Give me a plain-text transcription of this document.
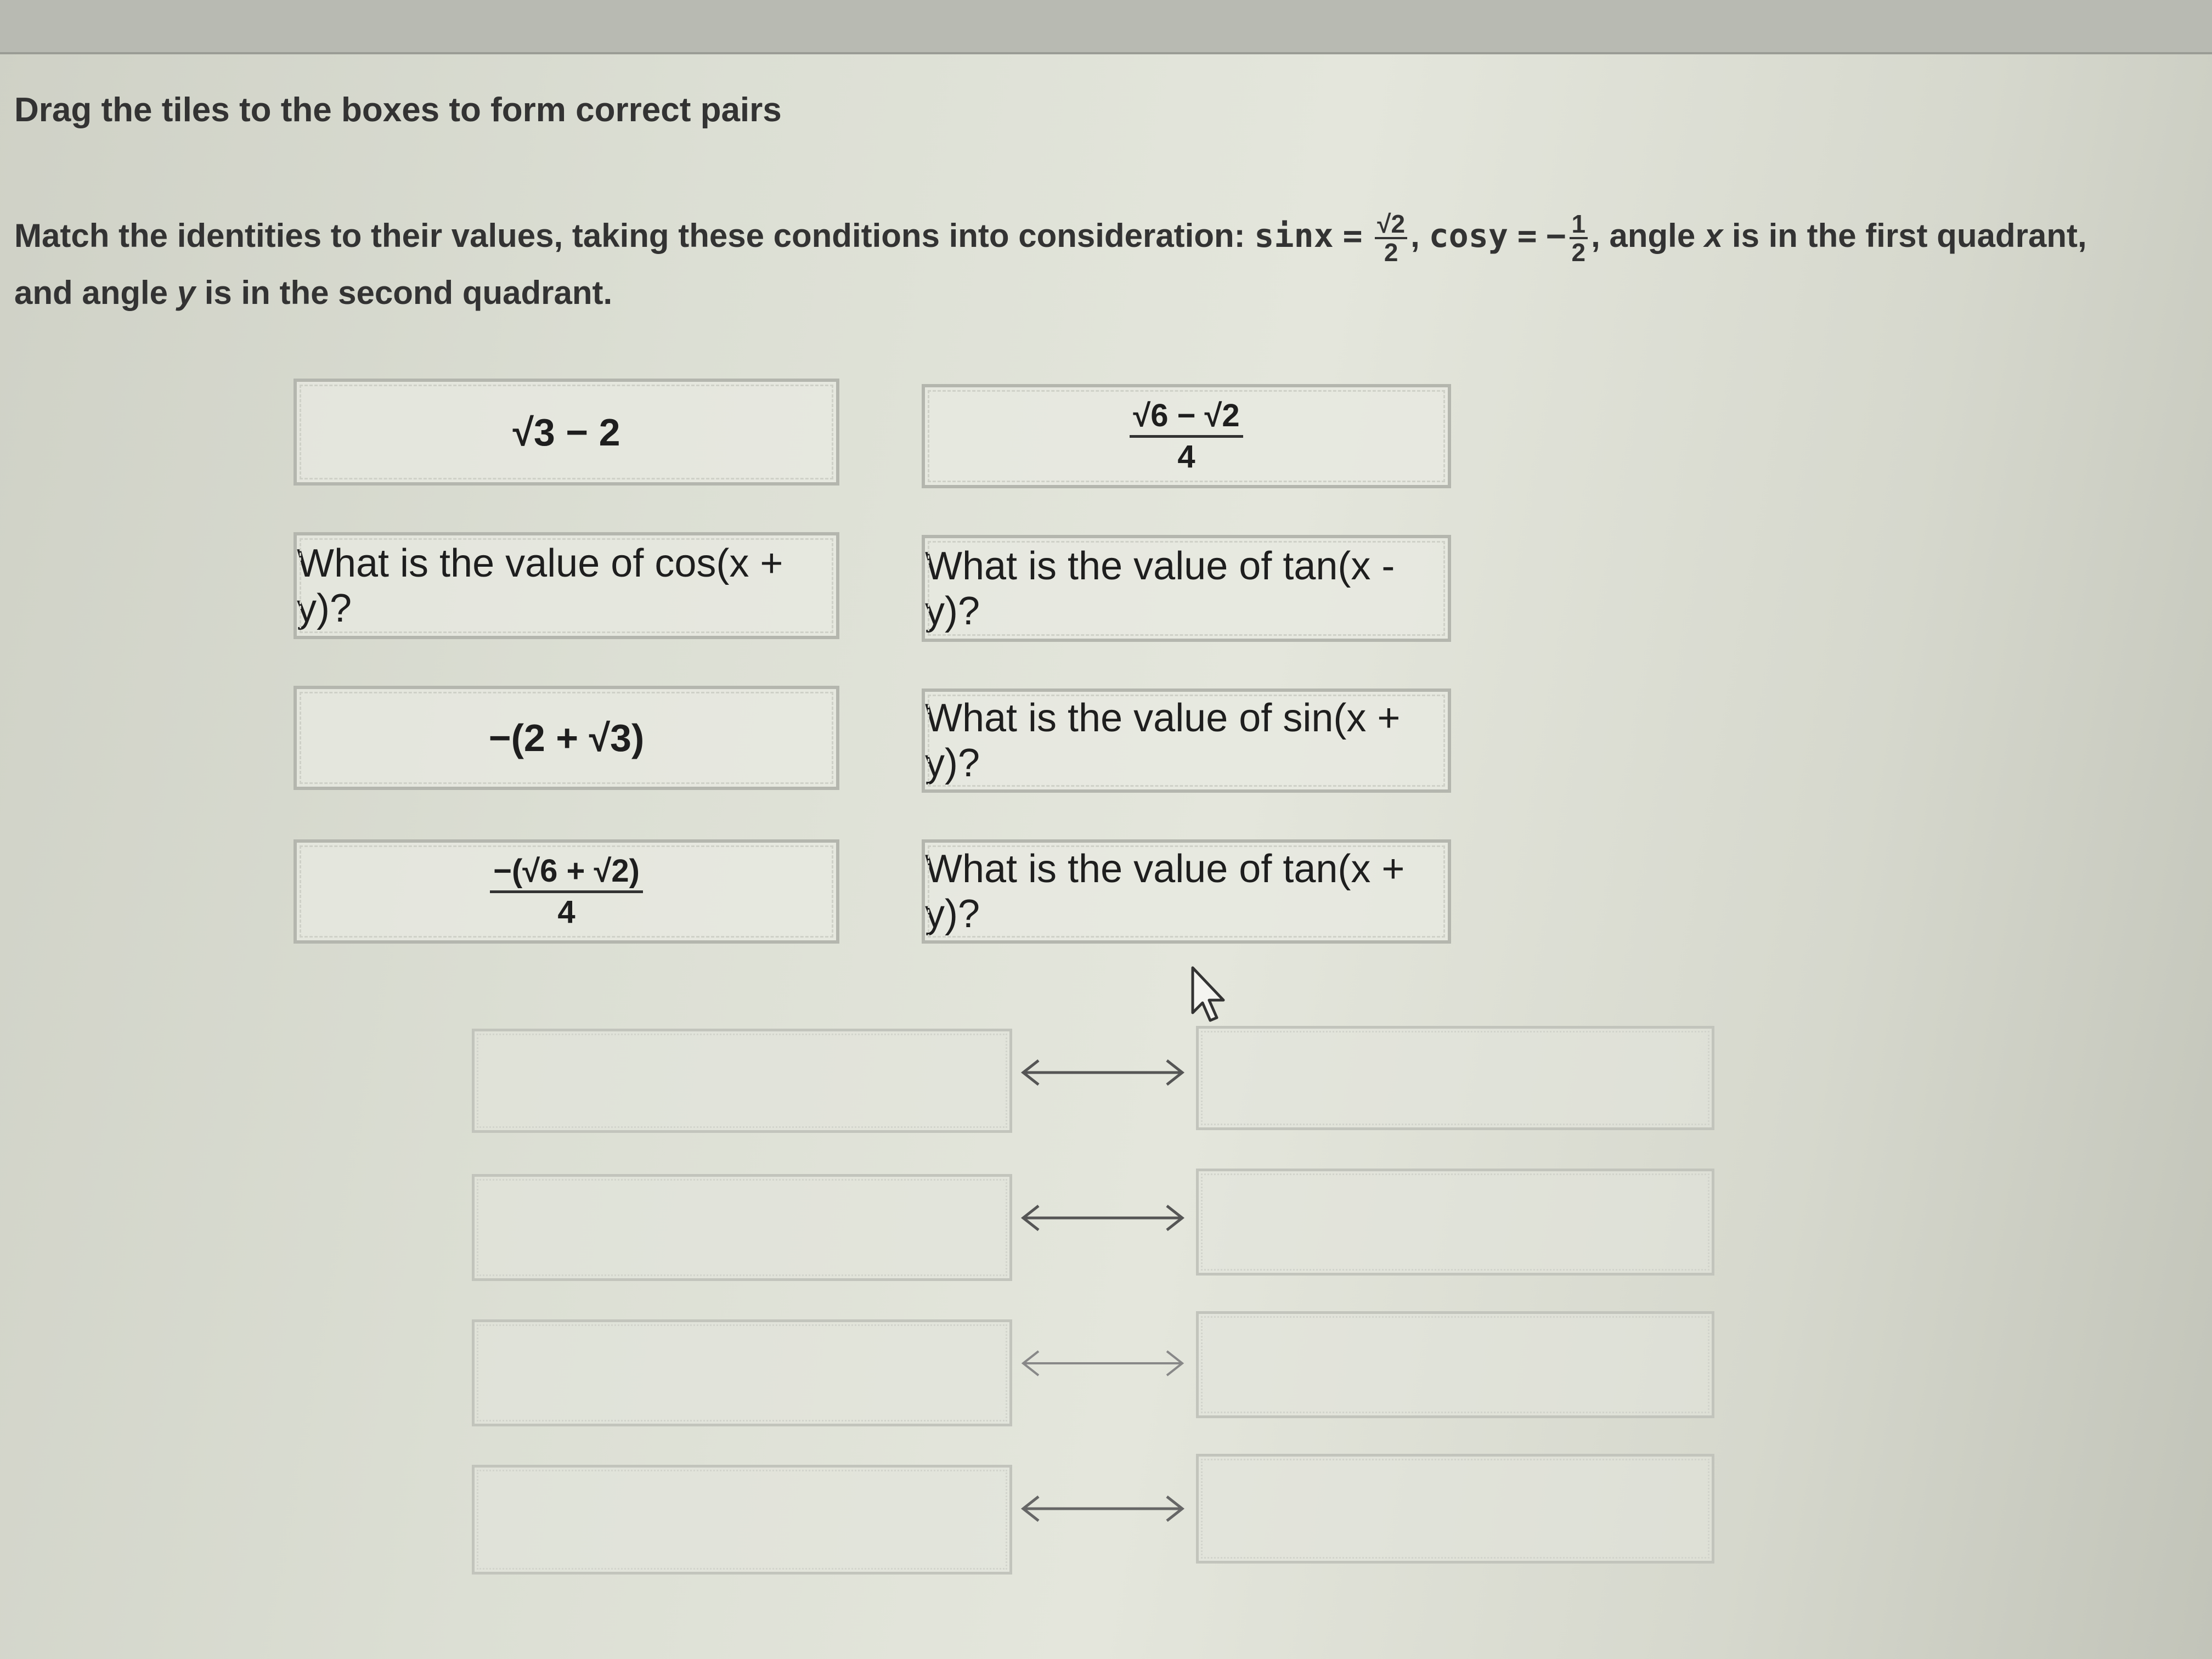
Drag the tiles to the boxes to form correct pairs
Match the identities to their values, taking these conditions into consideration: $\sin x = \frac{√2}{2}$ , cosy = − $\frac{1}{2}$ , angle x is in the first quadrant, and angle y is in the second quadrant.
√3 − 2	$\frac{√6 - √2}{4}$
What is the value of cos(x + y)?
What is the value of tan(x - y)?
−(2 + √3)	What is the value of sin(x + y)?
$\frac{-(√6 + √2)}{4}$	What is the value of tan(x + y)?
